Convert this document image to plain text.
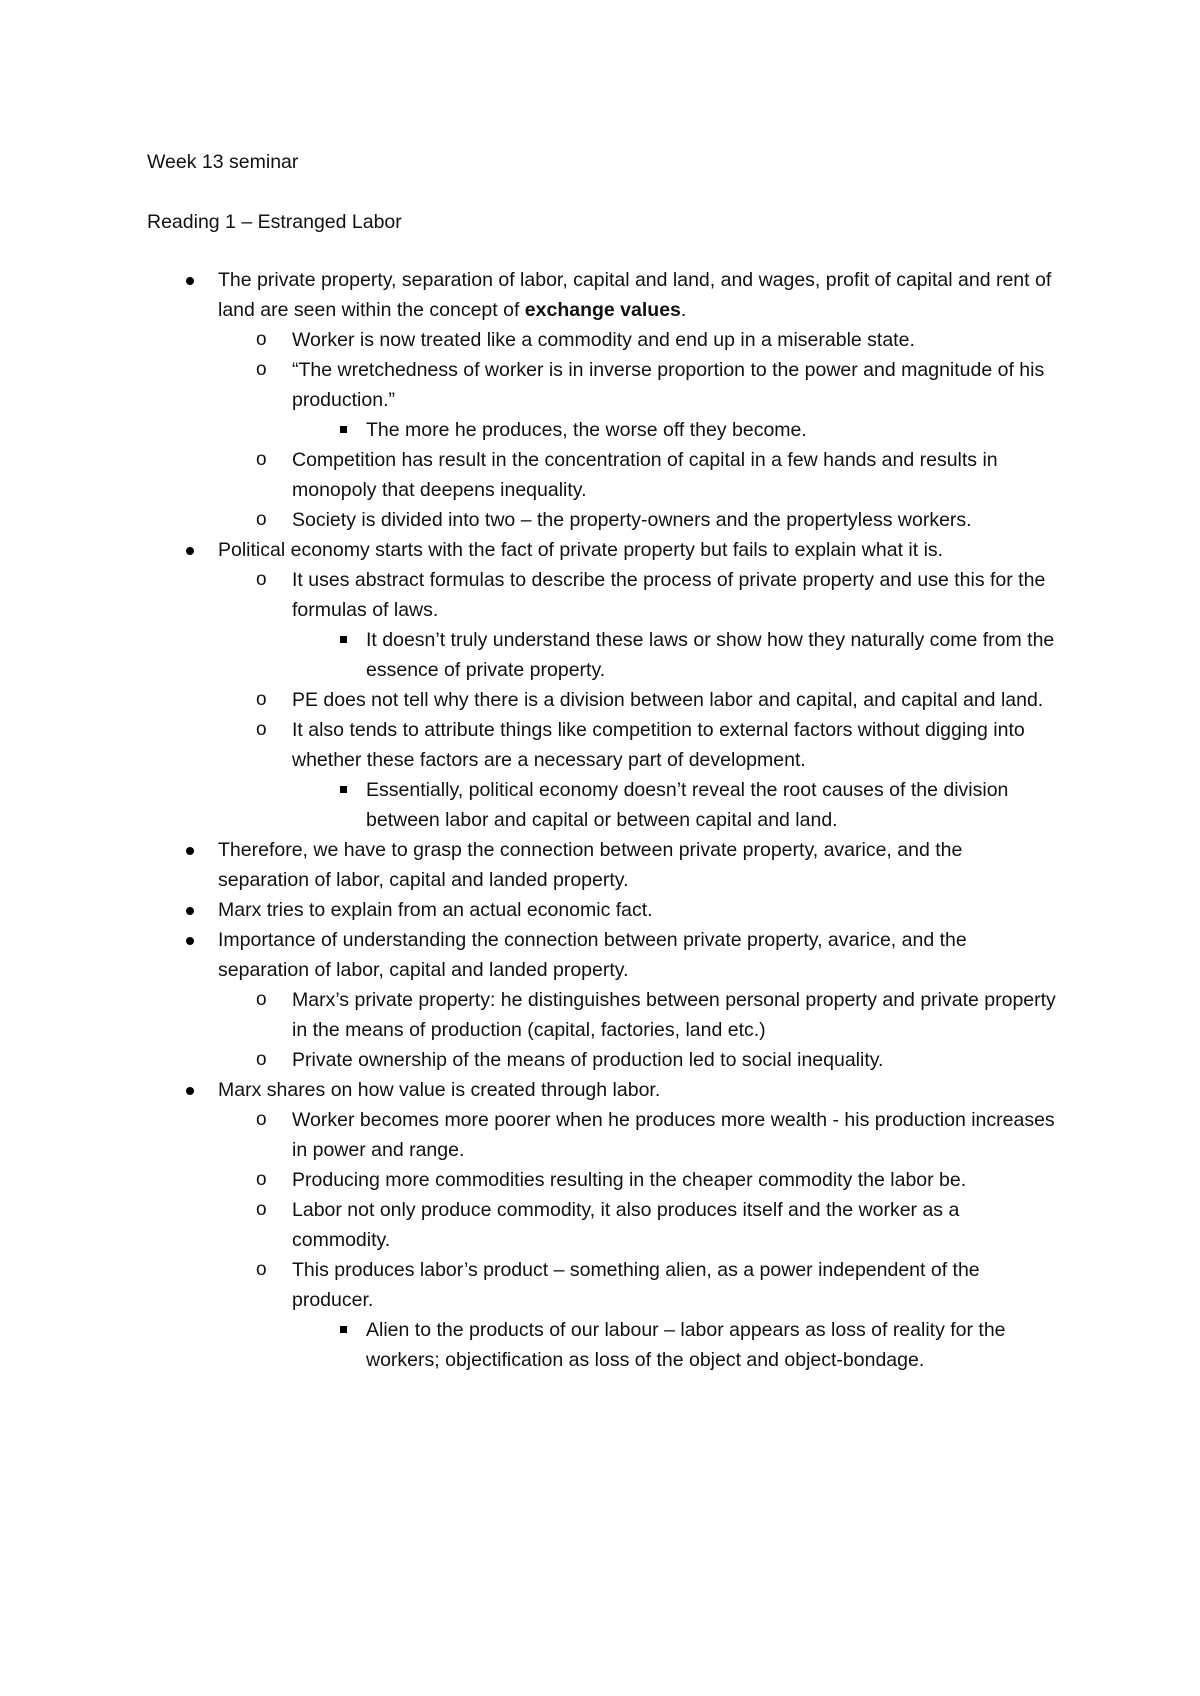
Week 13 seminar

Reading 1 – Estranged Labor

The private property, separation of labor, capital and land, and wages, profit of capital and rent of land are seen within the concept of exchange values.

o Worker is now treated like a commodity and end up in a miserable state.

o “The wretchedness of worker is in inverse proportion to the power and magnitude of his production.”

The more he produces, the worse off they become.

o Competition has result in the concentration of capital in a few hands and results in monopoly that deepens inequality.

o Society is divided into two – the property-owners and the propertyless workers.

Political economy starts with the fact of private property but fails to explain what it is.

o It uses abstract formulas to describe the process of private property and use this for the formulas of laws.

It doesn’t truly understand these laws or show how they naturally come from the essence of private property.

o PE does not tell why there is a division between labor and capital, and capital and land.

o It also tends to attribute things like competition to external factors without digging into whether these factors are a necessary part of development.

Essentially, political economy doesn’t reveal the root causes of the division between labor and capital or between capital and land.

Therefore, we have to grasp the connection between private property, avarice, and the separation of labor, capital and landed property.

Marx tries to explain from an actual economic fact.

Importance of understanding the connection between private property, avarice, and the separation of labor, capital and landed property.

o Marx’s private property: he distinguishes between personal property and private property in the means of production (capital, factories, land etc.)

o Private ownership of the means of production led to social inequality.

Marx shares on how value is created through labor.

o Worker becomes more poorer when he produces more wealth - his production increases in power and range.

o Producing more commodities resulting in the cheaper commodity the labor be.

o Labor not only produce commodity, it also produces itself and the worker as a commodity.

o This produces labor’s product – something alien, as a power independent of the producer.

Alien to the products of our labour – labor appears as loss of reality for the workers; objectification as loss of the object and object-bondage.
